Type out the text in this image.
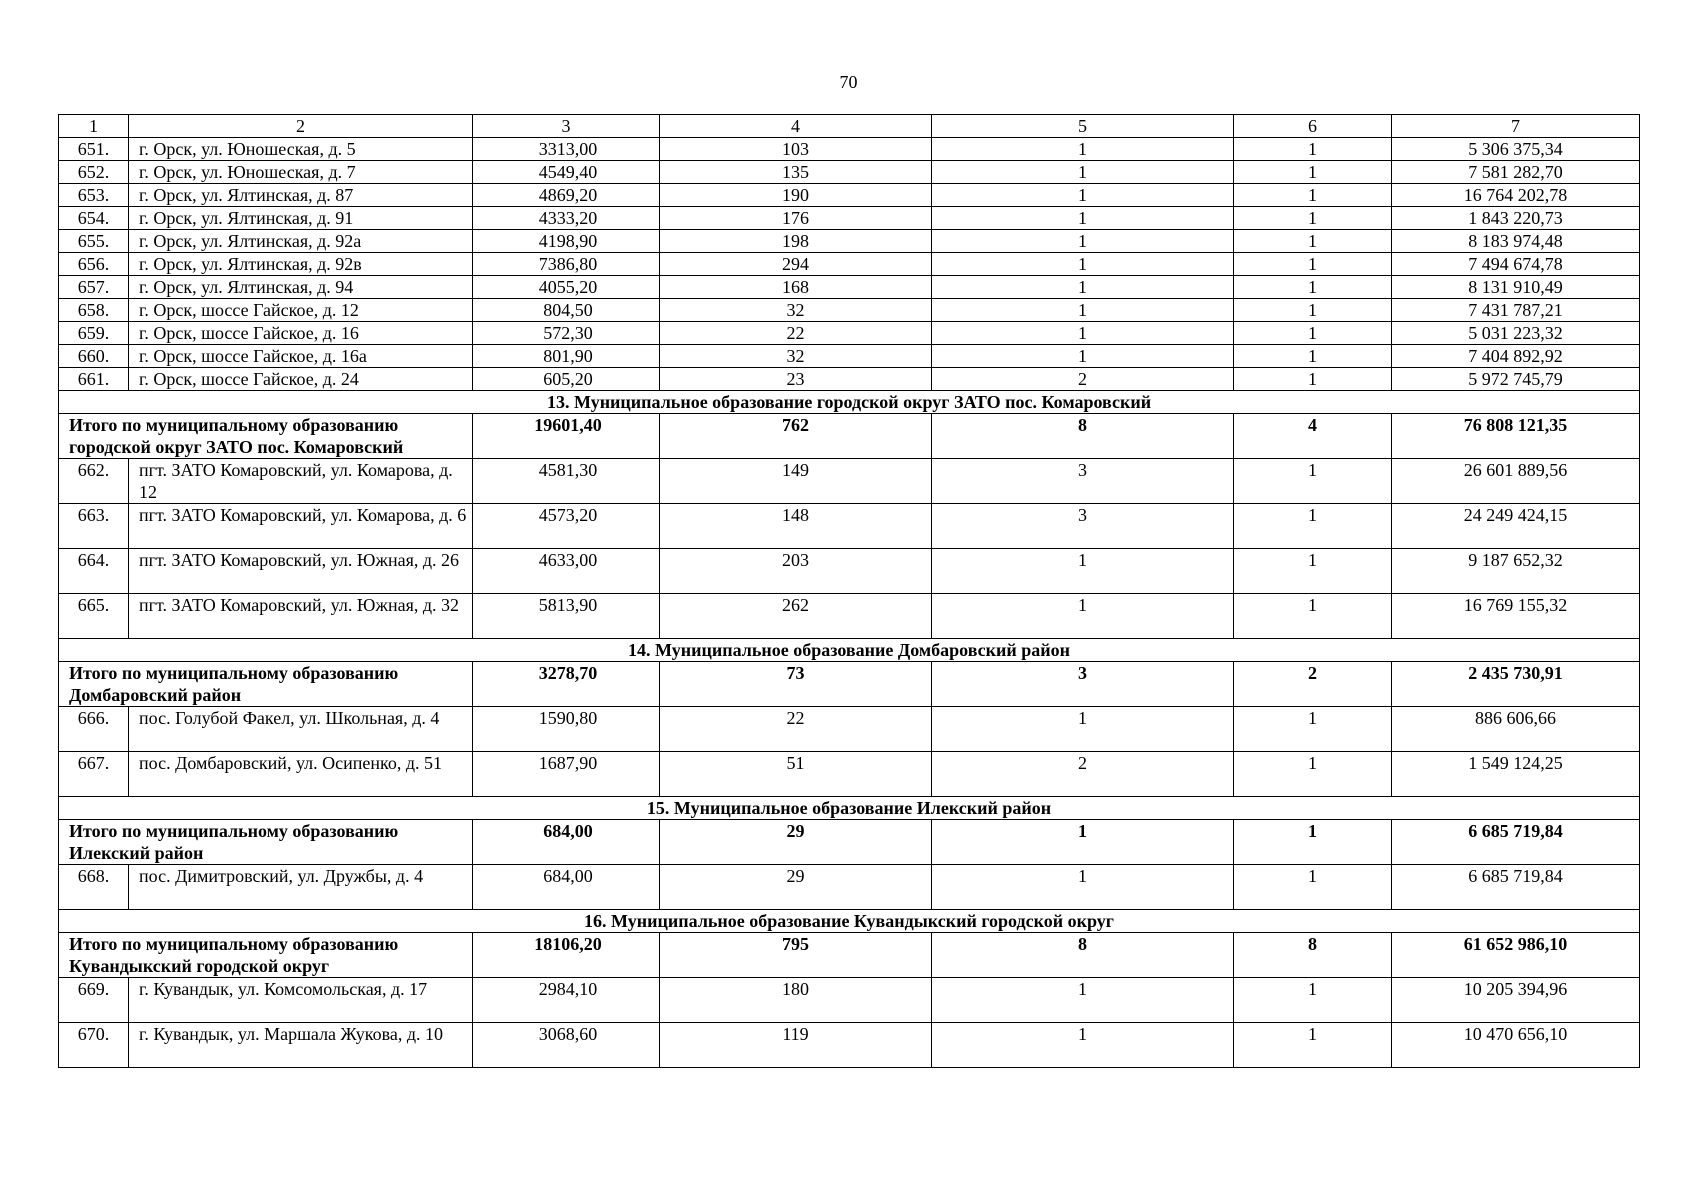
70
1	2	3	4	5	6	7
651.	г. Орск, ул. Юношеская, д. 5	3313,00	103	1	1	5 306 375,34
652.	г. Орск, ул. Юношеская, д. 7	4549,40	135	1	1	7 581 282,70
653.	г. Орск, ул. Ялтинская, д. 87	4869,20	190	1	1	16 764 202,78
654.	г. Орск, ул. Ялтинская, д. 91	4333,20	176	1	1	1 843 220,73
655.	г. Орск, ул. Ялтинская, д. 92а	4198,90	198	1	1	8 183 974,48
656.	г. Орск, ул. Ялтинская, д. 92в	7386,80	294	1	1	7 494 674,78
657.	г. Орск, ул. Ялтинская, д. 94	4055,20	168	1	1	8 131 910,49
658.	г. Орск, шоссе Гайское, д. 12	804,50	32	1	1	7 431 787,21
659.	г. Орск, шоссе Гайское, д. 16	572,30	22	1	1	5 031 223,32
660.	г. Орск, шоссе Гайское, д. 16а	801,90	32	1	1	7 404 892,92
661.	г. Орск, шоссе Гайское, д. 24	605,20	23	2	1	5 972 745,79
13. Муниципальное образование городской округ ЗАТО пос. Комаровский						
Итого по муниципальному образованию городской округ ЗАТО пос. Комаровский		19601,40	762	8	4	76 808 121,35
662.	пгт. ЗАТО Комаровский, ул. Комарова, д. 12	4581,30	149	3	1	26 601 889,56
663.	пгт. ЗАТО Комаровский, ул. Комарова, д. 6	4573,20	148	3	1	24 249 424,15
664.	пгт. ЗАТО Комаровский, ул. Южная, д. 26	4633,00	203	1	1	9 187 652,32
665.	пгт. ЗАТО Комаровский, ул. Южная, д. 32	5813,90	262	1	1	16 769 155,32
14. Муниципальное образование Домбаровский район						
Итого по муниципальному образованию Домбаровский район		3278,70	73	3	2	2 435 730,91
666.	пос. Голубой Факел, ул. Школьная, д. 4	1590,80	22	1	1	886 606,66
667.	пос. Домбаровский, ул. Осипенко, д. 51	1687,90	51	2	1	1 549 124,25
15. Муниципальное образование Илекский район						
Итого по муниципальному образованию Илекский район		684,00	29	1	1	6 685 719,84
668.	пос. Димитровский, ул. Дружбы, д. 4	684,00	29	1	1	6 685 719,84
16. Муниципальное образование Кувандыкский городской округ						
Итого по муниципальному образованию Кувандыкский городской округ		18106,20	795	8	8	61 652 986,10
669.	г. Кувандык, ул. Комсомольская, д. 17	2984,10	180	1	1	10 205 394,96
670.	г. Кувандык, ул. Маршала Жукова, д. 10	3068,60	119	1	1	10 470 656,10
